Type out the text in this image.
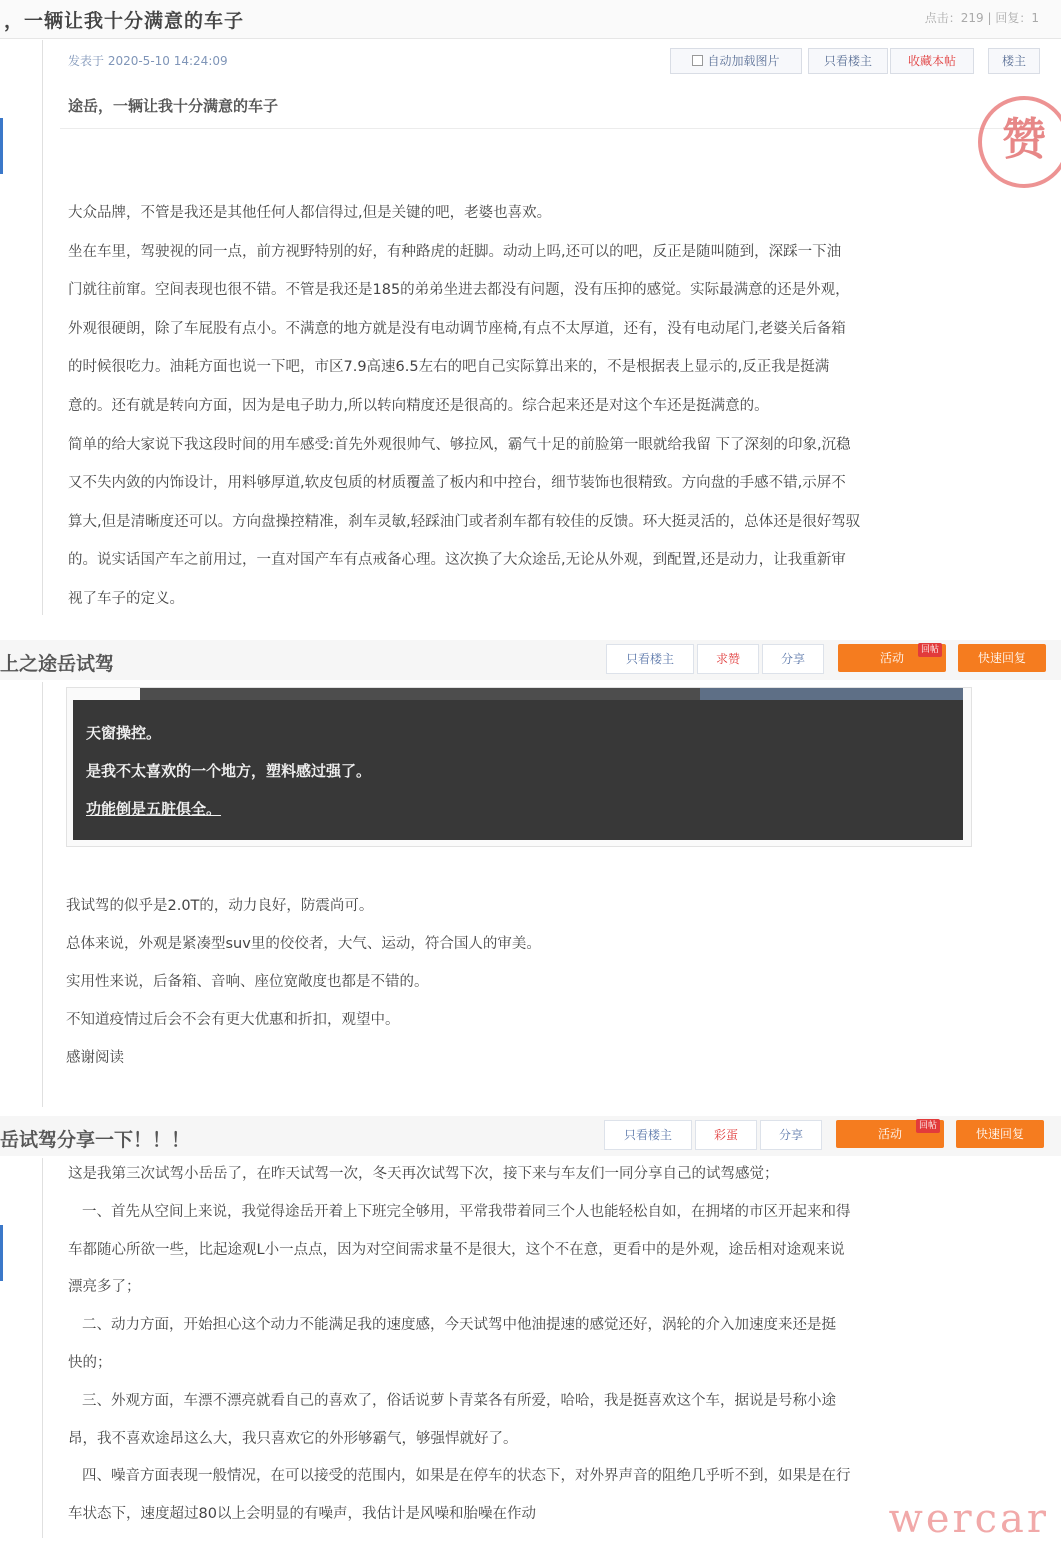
，一辆让我十分满意的车子	点击：219 | 回复：1
发表于 2020-5-10 14:24:09	自动加载图片	只看楼主	收藏本帖	楼主
途岳，一辆让我十分满意的车子
赞

大众品牌，不管是我还是其他任何人都信得过,但是关键的吧，老婆也喜欢。

坐在车里，驾驶视的同一点，前方视野特别的好，有种路虎的赶脚。动动上吗,还可以的吧，反正是随叫随到，深踩一下油

门就往前窜。空间表现也很不错。不管是我还是185的弟弟坐进去都没有问题，没有压抑的感觉。实际最满意的还是外观，

外观很硬朗，除了车屁股有点小。不满意的地方就是没有电动调节座椅,有点不太厚道，还有，没有电动尾门,老婆关后备箱

的时候很吃力。油耗方面也说一下吧，市区7.9高速6.5左右的吧自己实际算出来的，不是根据表上显示的,反正我是挺满

意的。还有就是转向方面，因为是电子助力,所以转向精度还是很高的。综合起来还是对这个车还是挺满意的。

简单的给大家说下我这段时间的用车感受:首先外观很帅气、够拉风，霸气十足的前脸第一眼就给我留 下了深刻的印象,沉稳

又不失内敛的内饰设计，用料够厚道,软皮包质的材质覆盖了板内和中控台，细节装饰也很精致。方向盘的手感不错,示屏不

算大,但是清晰度还可以。方向盘操控精准，刹车灵敏,轻踩油门或者刹车都有较佳的反馈。环大挺灵活的，总体还是很好驾驭

的。说实话国产车之前用过，一直对国产车有点戒备心理。这次换了大众途岳,无论从外观，到配置,还是动力，让我重新审

视了车子的定义。

上之途岳试驾	只看楼主	求赞	分享	活动
回帖
快速回复
天窗操控。
是我不太喜欢的一个地方，塑料感过强了。
功能倒是五脏俱全。
我试驾的似乎是2.0T的，动力良好，防震尚可。
总体来说，外观是紧凑型suv里的佼佼者，大气、运动，符合国人的审美。
实用性来说，后备箱、音响、座位宽敞度也都是不错的。
不知道疫情过后会不会有更大优惠和折扣，观望中。
感谢阅读
岳试驾分享一下！！！	只看楼主	彩蛋	分享	活动
回帖
快速回复

这是我第三次试驾小岳岳了，在昨天试驾一次，冬天再次试驾下次，接下来与车友们一同分享自己的试驾感觉；

一、首先从空间上来说，我觉得途岳开着上下班完全够用，平常我带着同三个人也能轻松自如，在拥堵的市区开起来和得

车都随心所欲一些，比起途观L小一点点，因为对空间需求量不是很大，这个不在意，更看中的是外观，途岳相对途观来说

漂亮多了；

二、动力方面，开始担心这个动力不能满足我的速度感，今天试驾中他油提速的感觉还好，涡轮的介入加速度来还是挺

快的；

三、外观方面，车漂不漂亮就看自己的喜欢了，俗话说萝卜青菜各有所爱，哈哈，我是挺喜欢这个车，据说是号称小途

昂，我不喜欢途昂这么大，我只喜欢它的外形够霸气，够强悍就好了。

四、噪音方面表现一般情况，在可以接受的范围内，如果是在停车的状态下，对外界声音的阻绝几乎听不到，如果是在行

车状态下，速度超过80以上会明显的有噪声，我估计是风噪和胎噪在作动	wercar
